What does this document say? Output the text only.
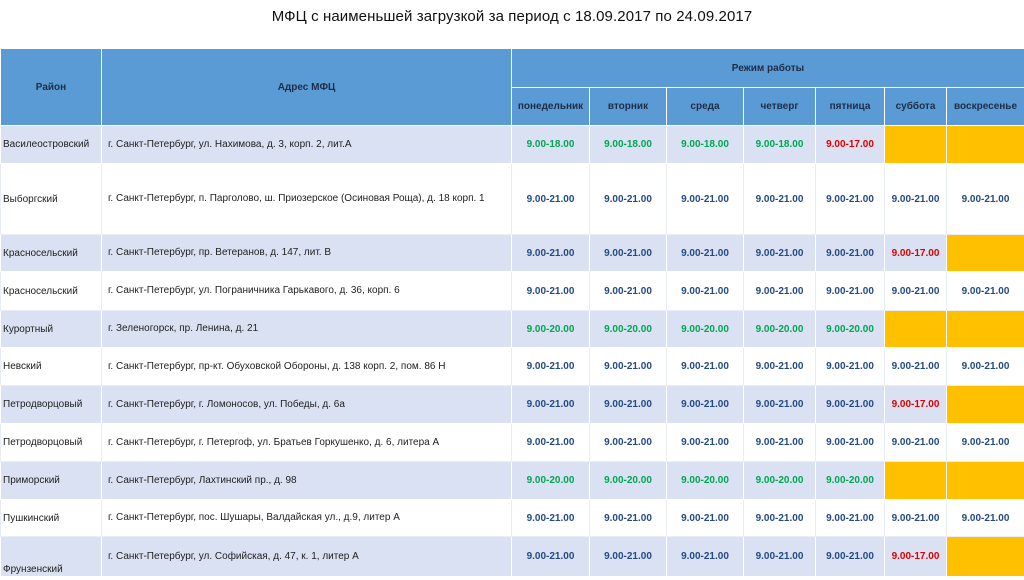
МФЦ с наименьшей загрузкой за период с 18.09.2017 по 24.09.2017
Район	Адрес МФЦ	Режим работы						
		понедельник	вторник	среда	четверг	пятница	суббота	воскресенье
Василеостровский	г. Санкт-Петербург, ул. Нахимова, д. 3, корп. 2, лит.А	9.00-18.00	9.00-18.00	9.00-18.00	9.00-18.00	9.00-17.00		
Выборгский	г. Санкт-Петербург, п. Парголово, ш. Приозерское (Осиновая Роща), д. 18 корп. 1	9.00-21.00	9.00-21.00	9.00-21.00	9.00-21.00	9.00-21.00	9.00-21.00	9.00-21.00
Красносельский	г. Санкт-Петербург, пр. Ветеранов, д. 147, лит. В	9.00-21.00	9.00-21.00	9.00-21.00	9.00-21.00	9.00-21.00	9.00-17.00	
Красносельский	г. Санкт-Петербург, ул. Пограничника Гарькавого, д. 36, корп. 6	9.00-21.00	9.00-21.00	9.00-21.00	9.00-21.00	9.00-21.00	9.00-21.00	9.00-21.00
Курортный	г. Зеленогорск, пр. Ленина, д. 21	9.00-20.00	9.00-20.00	9.00-20.00	9.00-20.00	9.00-20.00		
Невский	г. Санкт-Петербург, пр-кт. Обуховской Обороны, д. 138 корп. 2, пом. 86 Н	9.00-21.00	9.00-21.00	9.00-21.00	9.00-21.00	9.00-21.00	9.00-21.00	9.00-21.00
Петродворцовый	г. Санкт-Петербург, г. Ломоносов, ул. Победы, д. 6а	9.00-21.00	9.00-21.00	9.00-21.00	9.00-21.00	9.00-21.00	9.00-17.00	
Петродворцовый	г. Санкт-Петербург, г. Петергоф, ул. Братьев Горкушенко, д. 6, литера А	9.00-21.00	9.00-21.00	9.00-21.00	9.00-21.00	9.00-21.00	9.00-21.00	9.00-21.00
Приморский	г. Санкт-Петербург, Лахтинский пр., д. 98	9.00-20.00	9.00-20.00	9.00-20.00	9.00-20.00	9.00-20.00		
Пушкинский	г. Санкт-Петербург, пос. Шушары, Валдайская ул., д.9, литер А	9.00-21.00	9.00-21.00	9.00-21.00	9.00-21.00	9.00-21.00	9.00-21.00	9.00-21.00
Фрунзенский	г. Санкт-Петербург, ул. Софийская, д. 47, к. 1, литер А	9.00-21.00	9.00-21.00	9.00-21.00	9.00-21.00	9.00-21.00	9.00-17.00	
